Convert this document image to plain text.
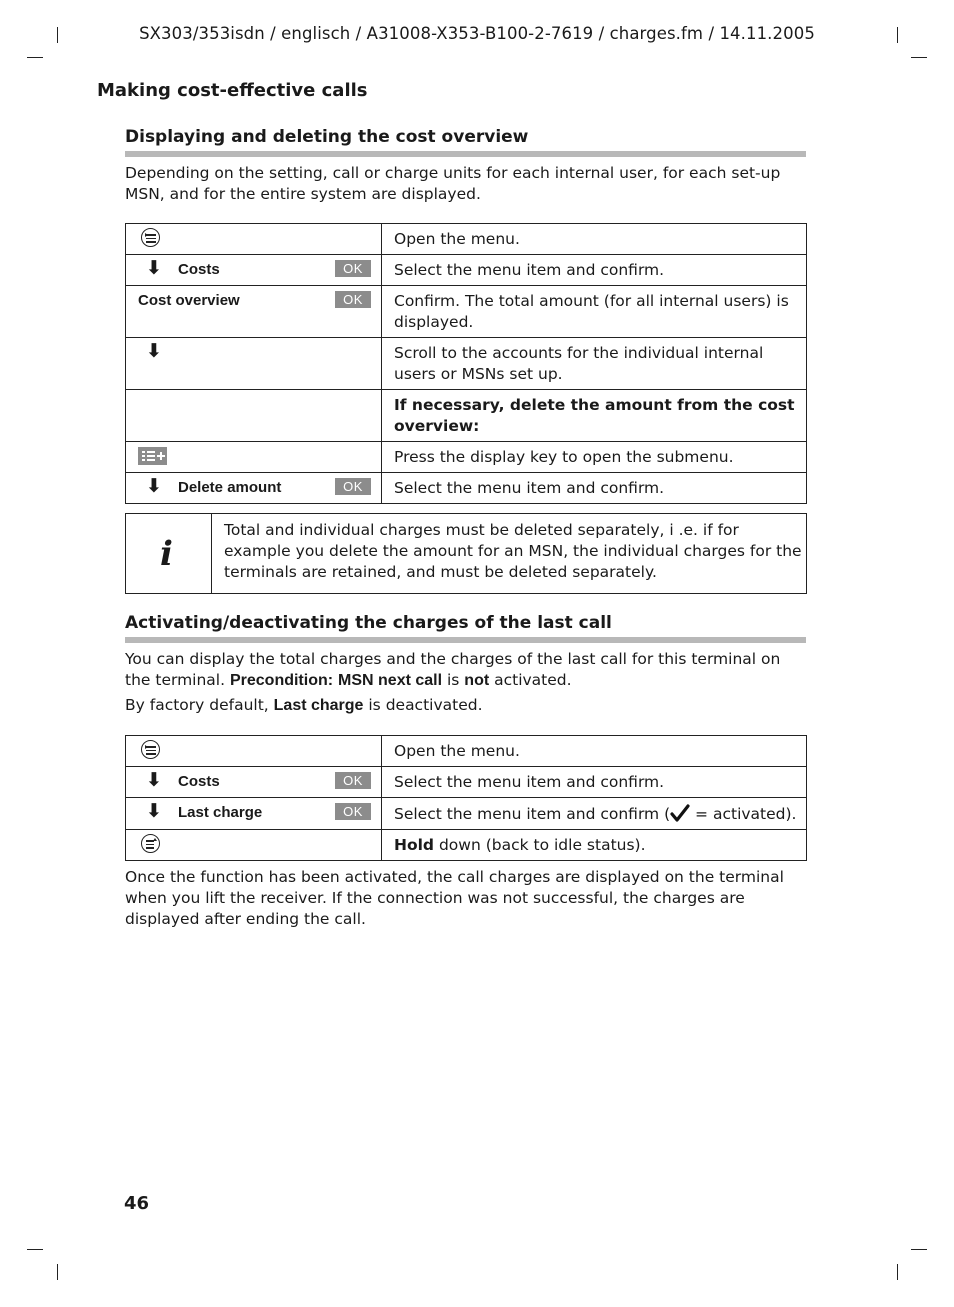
SX303/353isdn / englisch / A31008-X353-B100-2-7619 / charges.fm / 14.11.2005
Making cost-effective calls
Displaying and deleting the cost overview
Depending on the setting, call or charge units for each internal user, for each set-up MSN, and for the entire system are displayed.
	Open the menu.

⬇ Costs OK	Select the menu item and confirm.

Cost overview OK	Confirm. The total amount (for all internal users) is displayed.

⬇	Scroll to the accounts for the individual internal users or MSNs set up.
	If necessary, delete the amount from the cost overview:

	Press the display key to open the submenu.

⬇ Delete amount OK	Select the menu item and confirm.
i
Total and individual charges must be deleted separately, i .e. if for example you delete the amount for an MSN, the individual charges for the terminals are retained, and must be deleted separately.
Activating/deactivating the charges of the last call
You can display the total charges and the charges of the last call for this terminal on the terminal. Precondition: MSN next call is not activated.
By factory default, Last charge is deactivated.
	Open the menu.

⬇ Costs OK	Select the menu item and confirm.

⬇ Last charge OK	Select the menu item and confirm ( = activated).

	Hold down (back to idle status).
Once the function has been activated, the call charges are displayed on the terminal when you lift the receiver. If the connection was not successful, the charges are displayed after ending the call.
46
